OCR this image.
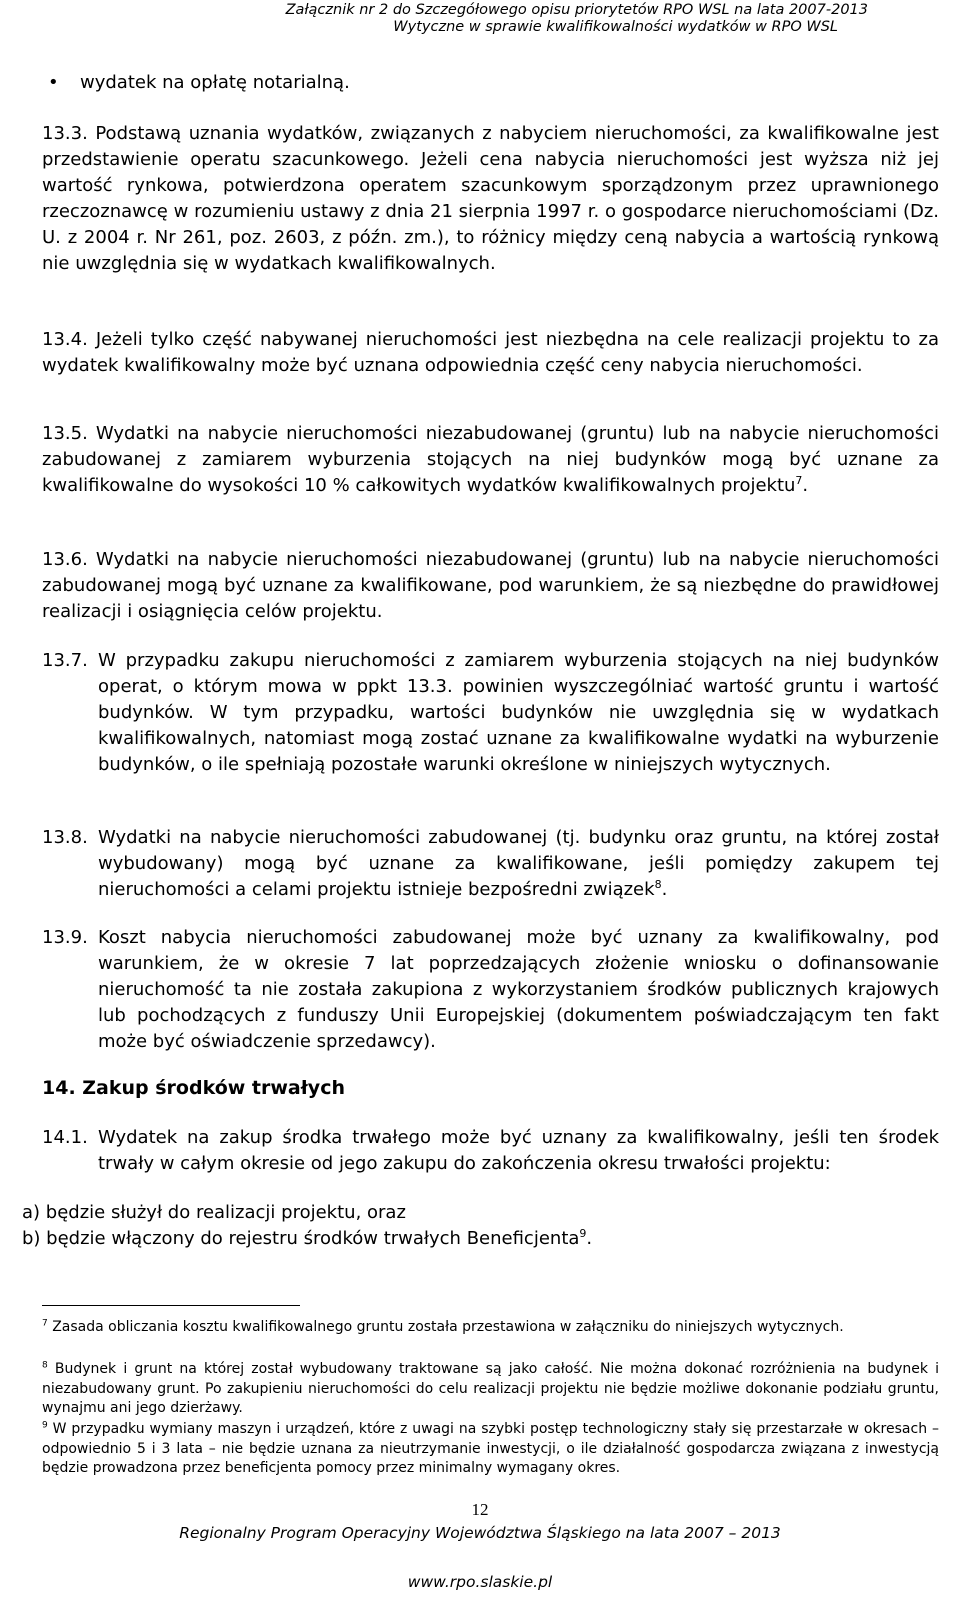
Załącznik nr 2 do Szczegółowego opisu priorytetów RPO WSL na lata 2007-2013
Wytyczne w sprawie kwalifikowalności wydatków w RPO WSL
• wydatek na opłatę notarialną.
13.3. Podstawą uznania wydatków, związanych z nabyciem nieruchomości, za kwalifikowalne jest przedstawienie operatu szacunkowego. Jeżeli cena nabycia nieruchomości jest wyższa niż jej wartość rynkowa, potwierdzona operatem szacunkowym sporządzonym przez uprawnionego rzeczoznawcę w rozumieniu ustawy z dnia 21 sierpnia 1997 r. o gospodarce nieruchomościami (Dz. U. z 2004 r. Nr 261, poz. 2603, z późn. zm.), to różnicy między ceną nabycia a wartością rynkową nie uwzględnia się w wydatkach kwalifikowalnych.
13.4. Jeżeli tylko część nabywanej nieruchomości jest niezbędna na cele realizacji projektu to za wydatek kwalifikowalny może być uznana odpowiednia część ceny nabycia nieruchomości.
13.5. Wydatki na nabycie nieruchomości niezabudowanej (gruntu) lub na nabycie nieruchomości zabudowanej z zamiarem wyburzenia stojących na niej budynków mogą być uznane za kwalifikowalne do wysokości 10 % całkowitych wydatków kwalifikowalnych projektu$^7$.
13.6. Wydatki na nabycie nieruchomości niezabudowanej (gruntu) lub na nabycie nieruchomości zabudowanej mogą być uznane za kwalifikowane, pod warunkiem, że są niezbędne do prawidłowej realizacji i osiągnięcia celów projektu.
13.7. W przypadku zakupu nieruchomości z zamiarem wyburzenia stojących na niej budynków operat, o którym mowa w ppkt 13.3. powinien wyszczególniać wartość gruntu i wartość budynków. W tym przypadku, wartości budynków nie uwzględnia się w wydatkach kwalifikowalnych, natomiast mogą zostać uznane za kwalifikowalne wydatki na wyburzenie budynków, o ile spełniają pozostałe warunki określone w niniejszych wytycznych.
13.8. Wydatki na nabycie nieruchomości zabudowanej (tj. budynku oraz gruntu, na której został wybudowany) mogą być uznane za kwalifikowane, jeśli pomiędzy zakupem tej nieruchomości a celami projektu istnieje bezpośredni związek$^8$.
13.9. Koszt nabycia nieruchomości zabudowanej może być uznany za kwalifikowalny, pod warunkiem, że w okresie 7 lat poprzedzających złożenie wniosku o dofinansowanie nieruchomość ta nie została zakupiona z wykorzystaniem środków publicznych krajowych lub pochodzących z funduszy Unii Europejskiej (dokumentem poświadczającym ten fakt może być oświadczenie sprzedawcy).
14. Zakup środków trwałych
14.1. Wydatek na zakup środka trwałego może być uznany za kwalifikowalny, jeśli ten środek trwały w całym okresie od jego zakupu do zakończenia okresu trwałości projektu:
a) będzie służył do realizacji projektu, oraz
b) będzie włączony do rejestru środków trwałych Beneficjenta$^9$.
$^7$ Zasada obliczania kosztu kwalifikowalnego gruntu została przestawiona w załączniku do niniejszych wytycznych.
$^8$ Budynek i grunt na której został wybudowany traktowane są jako całość. Nie można dokonać rozróżnienia na budynek i niezabudowany grunt. Po zakupieniu nieruchomości do celu realizacji projektu nie będzie możliwe dokonanie podziału gruntu, wynajmu ani jego dzierżawy.
$^9$ W przypadku wymiany maszyn i urządzeń, które z uwagi na szybki postęp technologiczny stały się przestarzałe w okresach – odpowiednio 5 i 3 lata – nie będzie uznana za nieutrzymanie inwestycji, o ile działalność gospodarcza związana z inwestycją będzie prowadzona przez beneficjenta pomocy przez minimalny wymagany okres.
12
Regionalny Program Operacyjny Województwa Śląskiego na lata 2007 – 2013
www.rpo.slaskie.pl
